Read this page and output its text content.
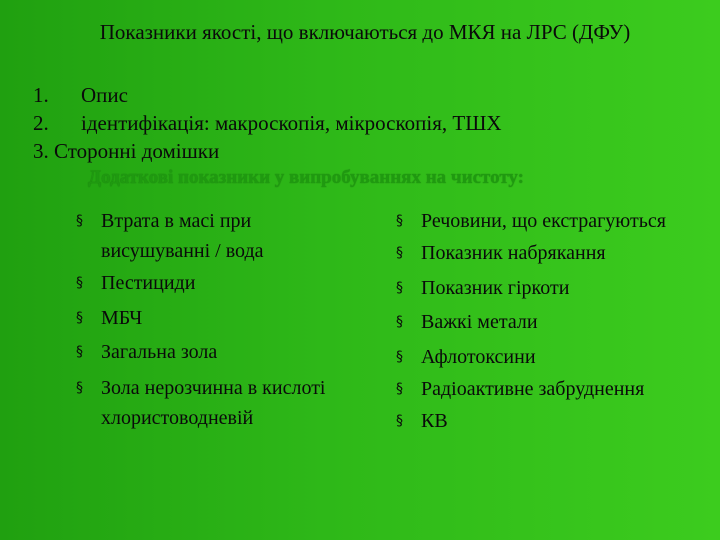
Показники якості, що включаються до МКЯ на ЛРС (ДФУ)
1. Опис
2. ідентифікація: макроскопія, мікроскопія, ТШХ
3. Сторонні домішки
Додаткові показники у випробуваннях на чистоту:
§ Втрата в масі при висушуванні / вода
§ Пестициди
§ МБЧ
§ Загальна зола
§ Зола нерозчинна в кислоті хлористоводневій
§ Речовини, що екстрагуються
§ Показник набрякання
§ Показник гіркоти
§ Важкі метали
§ Афлотоксини
§ Радіоактивне забруднення
§ КВ
